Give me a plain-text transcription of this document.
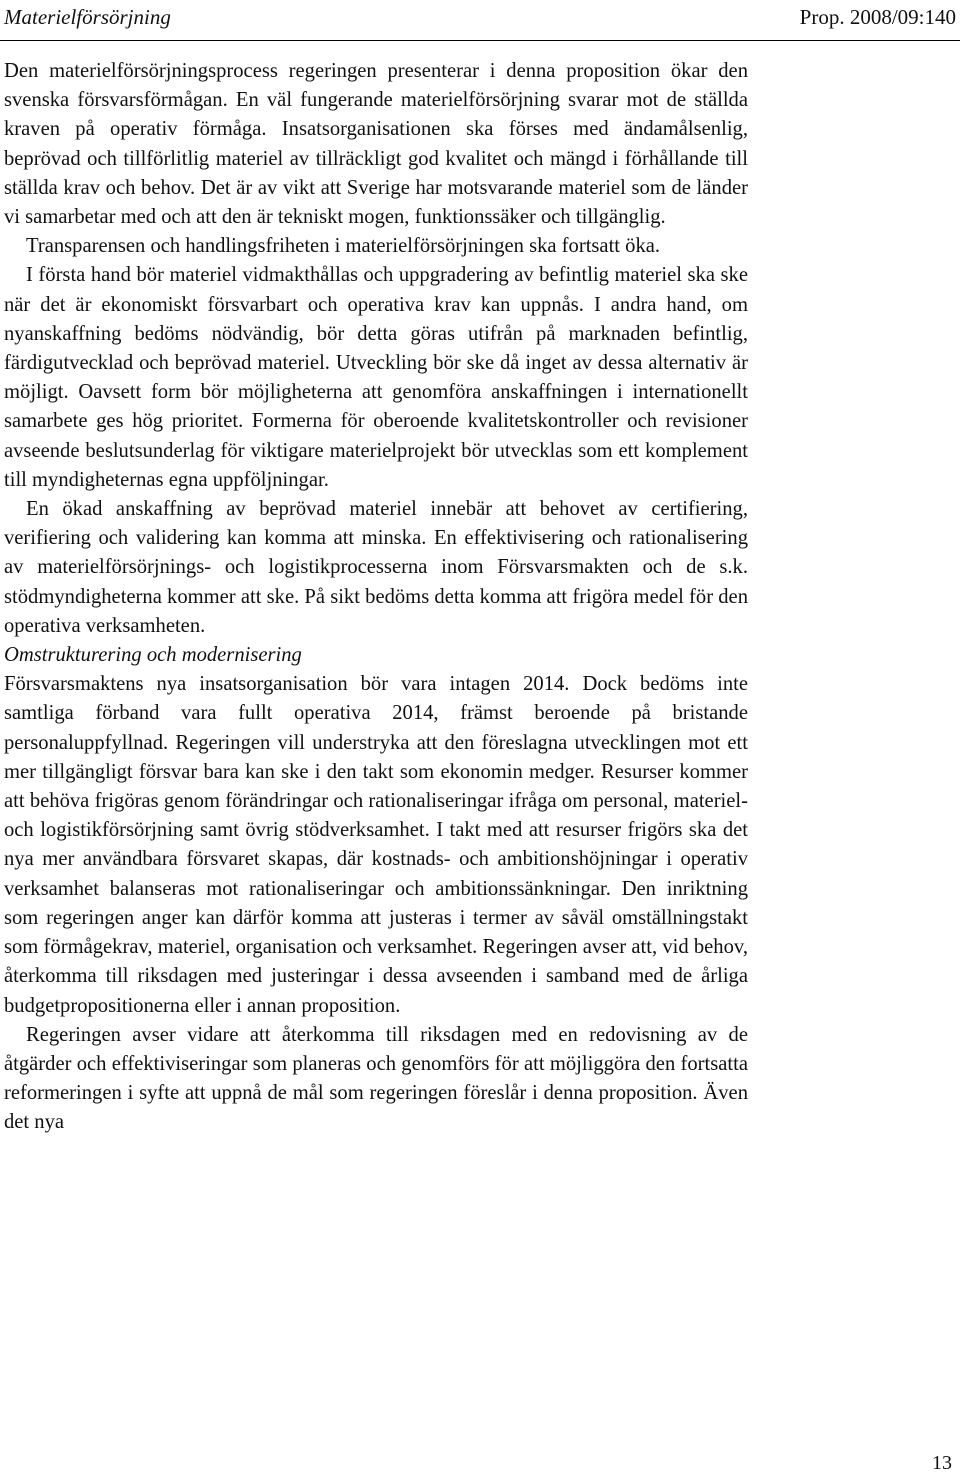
Materielförsörjning	Prop. 2008/09:140

Den materielförsörjningsprocess regeringen presenterar i denna proposition ökar den svenska försvarsförmågan. En väl fungerande materielförsörjning svarar mot de ställda kraven på operativ förmåga. Insatsorganisationen ska förses med ändamålsenlig, beprövad och tillförlitlig materiel av tillräckligt god kvalitet och mängd i förhållande till ställda krav och behov. Det är av vikt att Sverige har motsvarande materiel som de länder vi samarbetar med och att den är tekniskt mogen, funktionssäker och tillgänglig.

Transparensen och handlingsfriheten i materielförsörjningen ska fortsatt öka.

I första hand bör materiel vidmakthållas och uppgradering av befintlig materiel ska ske när det är ekonomiskt försvarbart och operativa krav kan uppnås. I andra hand, om nyanskaffning bedöms nödvändig, bör detta göras utifrån på marknaden befintlig, färdigutvecklad och beprövad materiel. Utveckling bör ske då inget av dessa alternativ är möjligt. Oavsett form bör möjligheterna att genomföra anskaffningen i internationellt samarbete ges hög prioritet. Formerna för oberoende kvalitetskontroller och revisioner avseende beslutsunderlag för viktigare materielprojekt bör utvecklas som ett komplement till myndigheternas egna uppföljningar.

En ökad anskaffning av beprövad materiel innebär att behovet av certifiering, verifiering och validering kan komma att minska. En effektivisering och rationalisering av materielförsörjnings- och logistikprocesserna inom Försvarsmakten och de s.k. stödmyndigheterna kommer att ske. På sikt bedöms detta komma att frigöra medel för den operativa verksamheten.

Omstrukturering och modernisering

Försvarsmaktens nya insatsorganisation bör vara intagen 2014. Dock bedöms inte samtliga förband vara fullt operativa 2014, främst beroende på bristande personaluppfyllnad. Regeringen vill understryka att den föreslagna utvecklingen mot ett mer tillgängligt försvar bara kan ske i den takt som ekonomin medger. Resurser kommer att behöva frigöras genom förändringar och rationaliseringar ifråga om personal, materiel- och logistikförsörjning samt övrig stödverksamhet. I takt med att resurser frigörs ska det nya mer användbara försvaret skapas, där kostnads- och ambitionshöjningar i operativ verksamhet balanseras mot rationaliseringar och ambitionssänkningar. Den inriktning som regeringen anger kan därför komma att justeras i termer av såväl omställningstakt som förmågekrav, materiel, organisation och verksamhet. Regeringen avser att, vid behov, återkomma till riksdagen med justeringar i dessa avseenden i samband med de årliga budgetpropositionerna eller i annan proposition.

Regeringen avser vidare att återkomma till riksdagen med en redovisning av de åtgärder och effektiviseringar som planeras och genomförs för att möjliggöra den fortsatta reformeringen i syfte att uppnå de mål som regeringen föreslår i denna proposition. Även det nya

13
